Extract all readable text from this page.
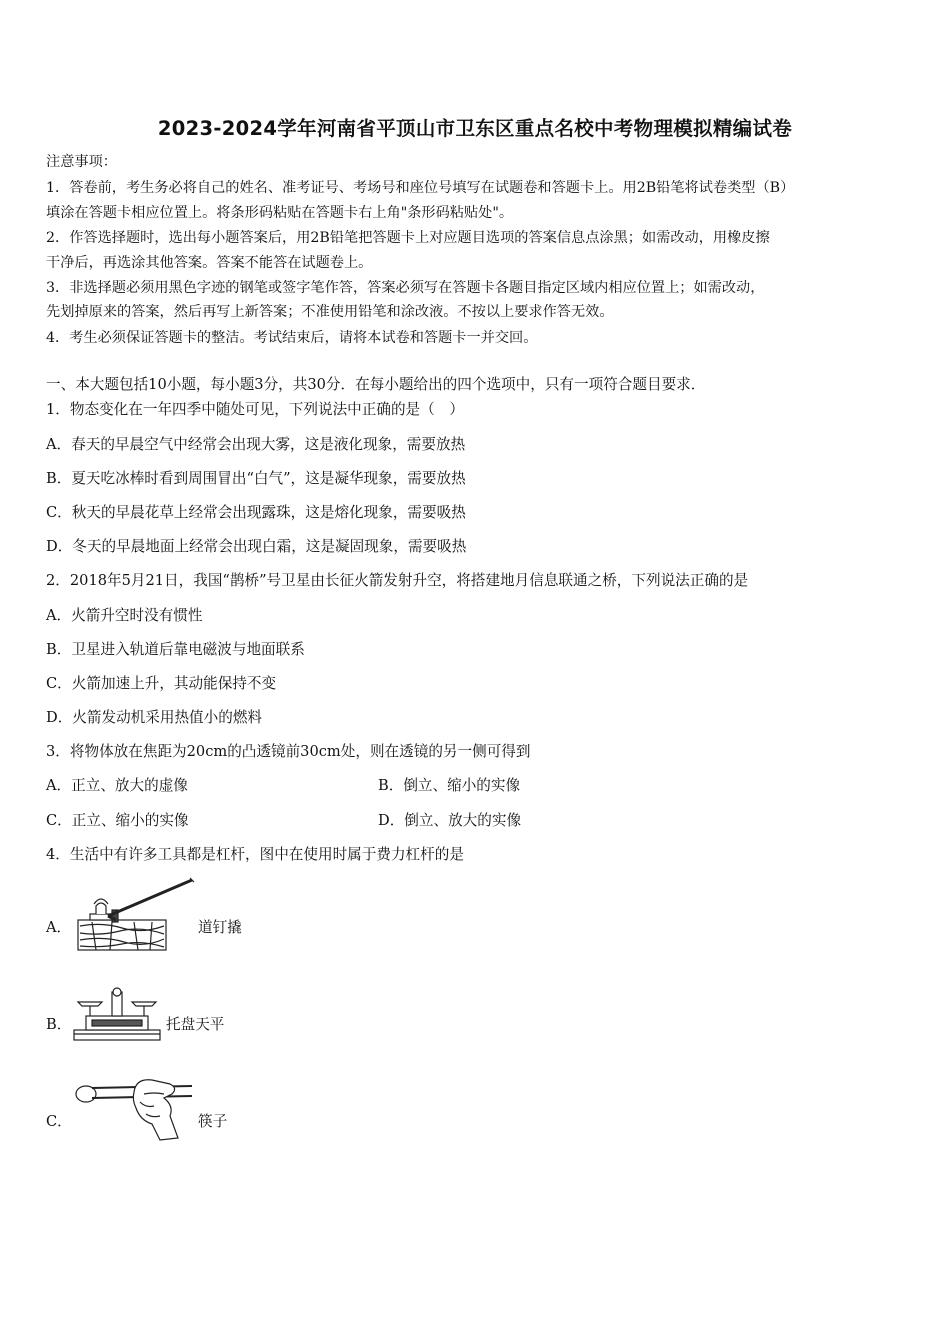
2023-2024学年河南省平顶山市卫东区重点名校中考物理模拟精编试卷
注意事项：
1．答卷前，考生务必将自己的姓名、准考证号、考场号和座位号填写在试题卷和答题卡上。用2B铅笔将试卷类型（B）
填涂在答题卡相应位置上。将条形码粘贴在答题卡右上角"条形码粘贴处"。
2．作答选择题时，选出每小题答案后，用2B铅笔把答题卡上对应题目选项的答案信息点涂黑；如需改动，用橡皮擦
干净后，再选涂其他答案。答案不能答在试题卷上。
3．非选择题必须用黑色字迹的钢笔或签字笔作答，答案必须写在答题卡各题目指定区域内相应位置上；如需改动，
先划掉原来的答案，然后再写上新答案；不准使用铅笔和涂改液。不按以上要求作答无效。
4．考生必须保证答题卡的整洁。考试结束后，请将本试卷和答题卡一并交回。
一、本大题包括10小题，每小题3分，共30分．在每小题给出的四个选项中，只有一项符合题目要求．
1．物态变化在一年四季中随处可见，下列说法中正确的是（　）
A．春天的早晨空气中经常会出现大雾，这是液化现象，需要放热
B．夏天吃冰棒时看到周围冒出“白气”，这是凝华现象，需要放热
C．秋天的早晨花草上经常会出现露珠，这是熔化现象，需要吸热
D．冬天的早晨地面上经常会出现白霜，这是凝固现象，需要吸热
2．2018年5月21日，我国“鹊桥”号卫星由长征火箭发射升空，将搭建地月信息联通之桥，下列说法正确的是
A．火箭升空时没有惯性
B．卫星进入轨道后靠电磁波与地面联系
C．火箭加速上升，其动能保持不变
D．火箭发动机采用热值小的燃料
3．将物体放在焦距为20cm的凸透镜前30cm处，则在透镜的另一侧可得到
A．正立、放大的虚像	B．倒立、缩小的实像
C．正立、缩小的实像	D．倒立、放大的实像
4．生活中有许多工具都是杠杆，图中在使用时属于费力杠杆的是
A．	道钉撬
B．	托盘天平
C．	筷子
